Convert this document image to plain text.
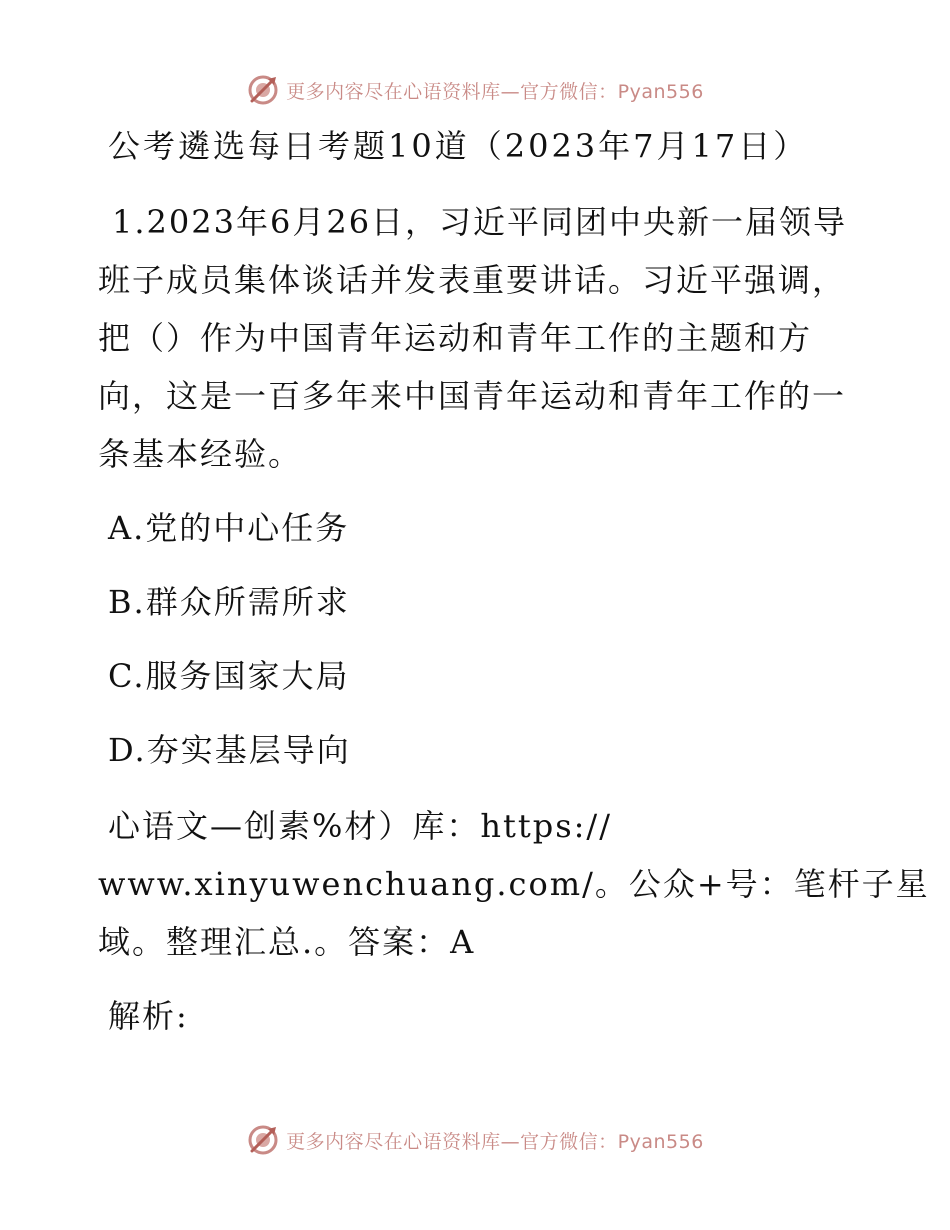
更多内容尽在心语资料库—官方微信：Pyan556
公考遴选每日考题10道（2023年7月17日）
1.2023年6月26日，习近平同团中央新一届领导
班子成员集体谈话并发表重要讲话。习近平强调，
把（）作为中国青年运动和青年工作的主题和方
向，这是一百多年来中国青年运动和青年工作的一
条基本经验。
A.党的中心任务
B.群众所需所求
C.服务国家大局
D.夯实基层导向
心语文—创素%材）库：https://
www.xinyuwenchuang.com/。公众+号：笔杆子星
域。整理汇总.。答案：A
解析:
更多内容尽在心语资料库—官方微信：Pyan556
